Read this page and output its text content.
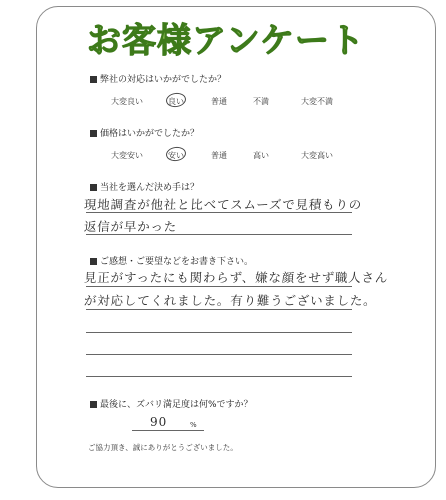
お客様アンケート
弊社の対応はいかがでしたか？
大変良い	良い	普通	不満	大変不満
価格はいかがでしたか？
大変安い	安い	普通	高い	大変高い
当社を選んだ決め手は？
現地調査が他社と比べてスムーズで見積もりの
返信が早かった
ご感想・ご要望などをお書き下さい。
見正がすったにも関わらず、嫌な顔をせず職人さん
が対応してくれました。有り難うございました。
最後に、ズバリ満足度は何%ですか？
90	%
ご協力頂き、誠にありがとうございました。
